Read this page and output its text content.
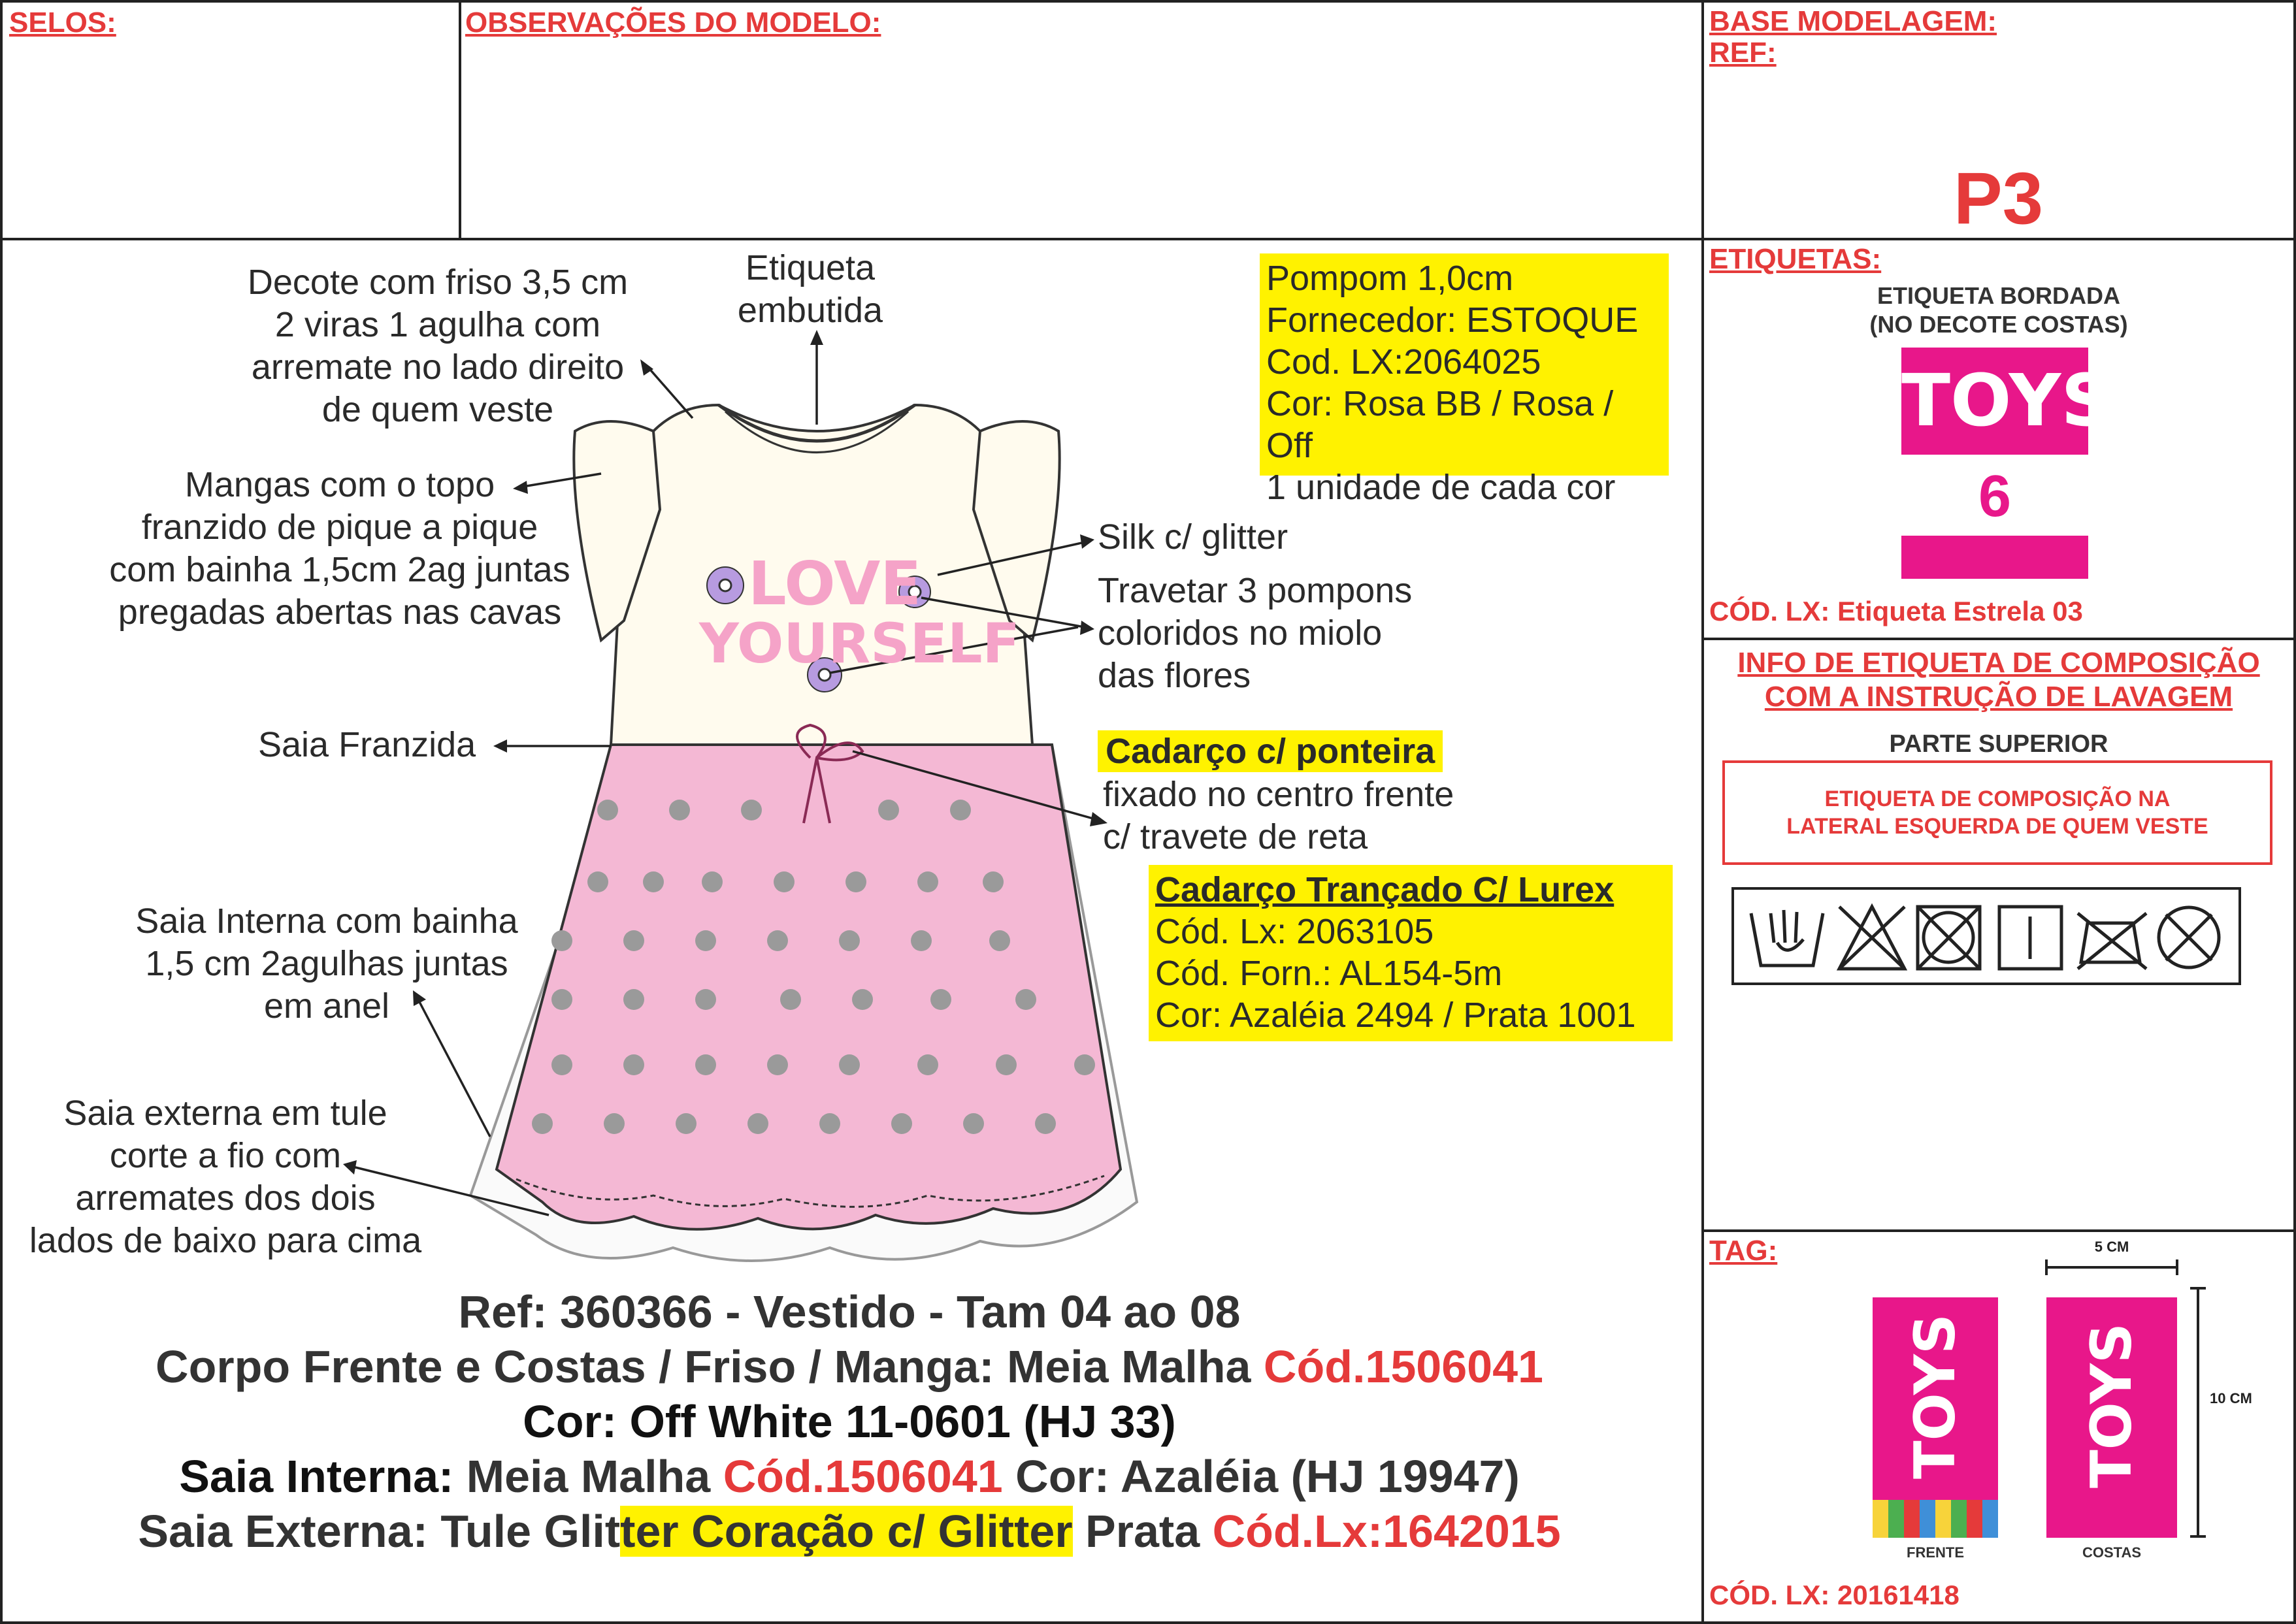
SELOS:	OBSERVAÇÕES DO MODELO:	BASE MODELAGEM:
REF:
P3
LOVE
YOURSELF
Decote com friso 3,5 cm
2 viras 1 agulha com
arremate no lado direito
de quem veste
Etiqueta
embutida
Mangas com o topo
franzido de pique a pique
com bainha 1,5cm 2ag juntas
pregadas abertas nas cavas
Silk c/ glitter
Travetar 3 pompons
coloridos no miolo
das flores
Saia Franzida	Cadarço c/ ponteira
fixado no centro frente
c/ travete de reta
Saia Interna com bainha
1,5 cm 2agulhas juntas
em anel
Saia externa em tule
corte a fio com
arremates dos dois
lados de baixo para cima
Pompom 1,0cm
Fornecedor: ESTOQUE
Cod. LX:2064025
Cor: Rosa BB / Rosa / Off
1 unidade de cada cor
Cadarço Trançado C/ Lurex
Cód. Lx: 2063105
Cód. Forn.: AL154-5m
Cor: Azaléia 2494 / Prata 1001
Ref: 360366 - Vestido - Tam 04 ao 08
Corpo Frente e Costas / Friso / Manga: Meia Malha Cód.1506041
Cor: Off White 11-0601 (HJ 33)
Saia Interna: Meia Malha Cód.1506041 Cor: Azaléia (HJ 19947)
Saia Externa: Tule Glitter Coração c/ Glitter Prata Cód.Lx:1642015
ETIQUETAS:
ETIQUETA BORDADA
(NO DECOTE COSTAS)
TOYS
6
CÓD. LX: Etiqueta Estrela 03
INFO DE ETIQUETA DE COMPOSIÇÃO
COM A INSTRUÇÃO DE LAVAGEM
PARTE SUPERIOR
ETIQUETA DE COMPOSIÇÃO NA
LATERAL ESQUERDA DE QUEM VESTE
TAG:	5 CM
10 CM
TOYS TOYS
FRENTE	COSTAS
CÓD. LX: 20161418
